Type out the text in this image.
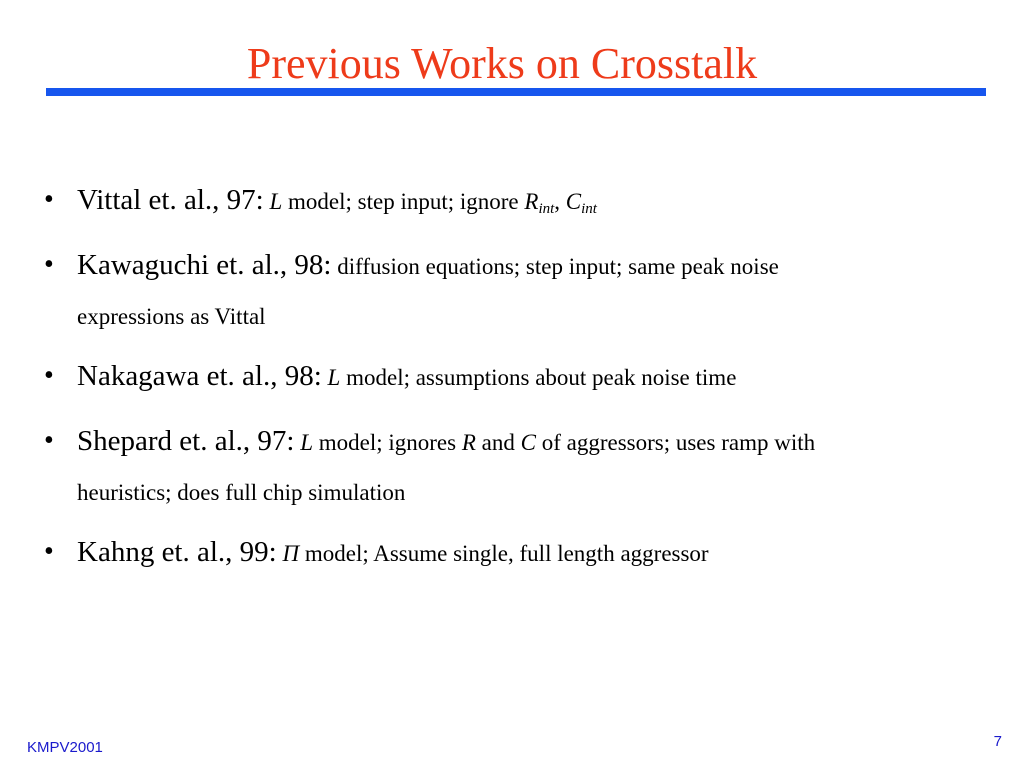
Previous Works on Crosstalk
• Vittal et. al., 97: L model; step input; ignore $R_{int}$, $C_{int}$
• Kawaguchi et. al., 98: diffusion equations; step input; same peak noise
expressions as Vittal
• Nakagawa et. al., 98: L model; assumptions about peak noise time
• Shepard et. al., 97: L model; ignores R and C of aggressors; uses ramp with
heuristics; does full chip simulation
• Kahng et. al., 99: Π model; Assume single, full length aggressor
KMPV2001	7
